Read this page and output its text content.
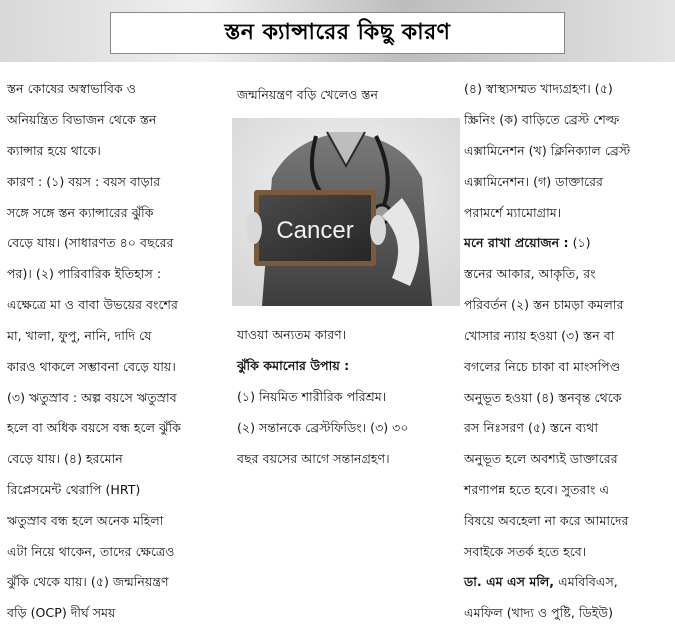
স্তন ক্যান্সারের কিছু কারণ

স্তন কোষের অস্বাভাবিক ও

অনিয়ন্ত্রিত বিভাজন থেকে স্তন

ক্যান্সার হয়ে থাকে।

কারণ : (১) বয়স : বয়স বাড়ার

সঙ্গে সঙ্গে স্তন ক্যান্সারের ঝুঁকি

বেড়ে যায়। (সাধারণত ৪০ বছরের

পর)। (২) পারিবারিক ইতিহাস :

এক্ষেত্রে মা ও বাবা উভয়ের বংশের

মা, খালা, ফুপু, নানি, দাদি যে

কারও থাকলে সম্ভাবনা বেড়ে যায়।

(৩) ঋতুস্রাব : অল্প বয়সে ঋতুস্রাব

হলে বা অধিক বয়সে বন্ধ হলে ঝুঁকি

বেড়ে যায়। (৪) হরমোন

রিপ্লেসমেন্ট থেরাপি (HRT)

ঋতুস্রাব বন্ধ হলে অনেক মহিলা

এটা নিয়ে থাকেন, তাদের ক্ষেত্রেও

ঝুঁকি থেকে যায়। (৫) জন্মনিয়ন্ত্রণ

বড়ি (OCP) দীর্ঘ সময়

জন্মনিয়ন্ত্রণ বড়ি খেলেও স্তন

Cancer

যাওয়া অন্যতম কারণ।

ঝুঁকি কমানোর উপায় :

(১) নিয়মিত শারীরিক পরিশ্রম।

(২) সন্তানকে ব্রেস্টফিডিং। (৩) ৩০

বছর বয়সের আগে সন্তানগ্রহণ।

(৪) স্বাস্থ্যসম্মত খাদ্যগ্রহণ। (৫)

স্ক্রিনিং (ক) বাড়িতে ব্রেস্ট শেল্ফ

এক্সামিনেশন (খ) ক্লিনিক্যাল ব্রেস্ট

এক্সামিনেশন। (গ) ডাক্তারের

পরামর্শে ম্যামোগ্রাম।

মনে রাখা প্রয়োজন : (১)

স্তনের আকার, আকৃতি, রং

পরিবর্তন (২) স্তন চামড়া কমলার

খোসার ন্যায় হওয়া (৩) স্তন বা

বগলের নিচে চাকা বা মাংসপিণ্ড

অনুভূত হওয়া (৪) স্তনবৃন্ত থেকে

রস নিঃসরণ (৫) স্তনে ব্যথা

অনুভূত হলে অবশ্যই ডাক্তারের

শরণাপন্ন হতে হবে। সুতরাং এ

বিষয়ে অবহেলা না করে আমাদের

সবাইকে সতর্ক হতে হবে।

ডা. এম এস মলি, এমবিবিএস,

এমফিল (খাদ্য ও পুষ্টি, ডিইউ)
